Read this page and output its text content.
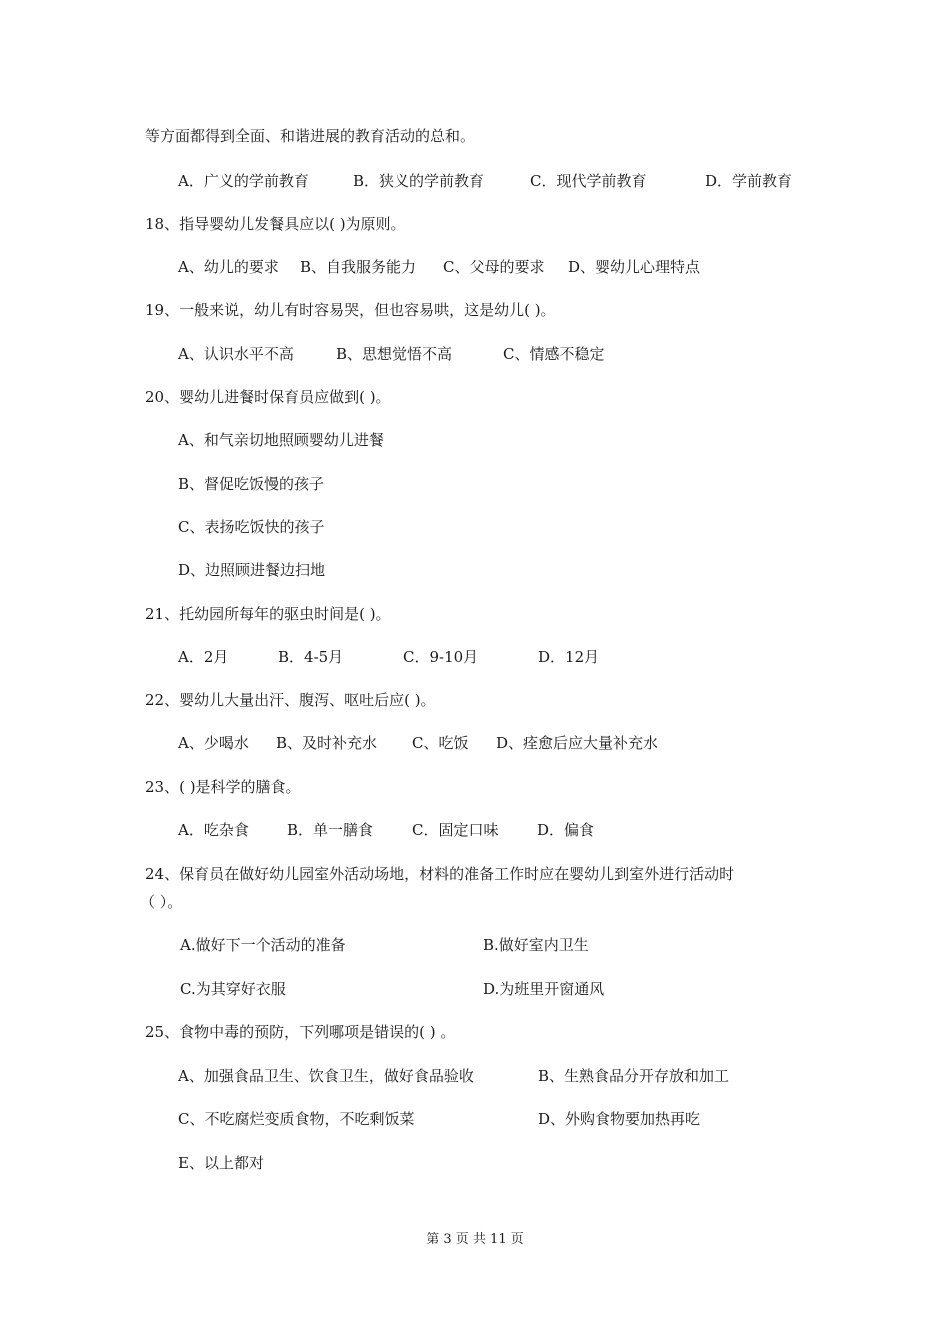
等方面都得到全面、和谐进展的教育活动的总和。
A．广义的学前教育	B．狭义的学前教育	C．现代学前教育	D．学前教育
18、指导婴幼儿发餐具应以( )为原则。
A、幼儿的要求 B、自我服务能力 C、父母的要求 D、婴幼儿心理特点
19、一般来说，幼儿有时容易哭，但也容易哄，这是幼儿( )。
A、认识水平不高	B、思想觉悟不高	C、情感不稳定
20、婴幼儿进餐时保育员应做到( )。
A、和气亲切地照顾婴幼儿进餐
B、督促吃饭慢的孩子
C、表扬吃饭快的孩子
D、边照顾进餐边扫地
21、托幼园所每年的驱虫时间是( )。
A．2月	B．4-5月	C．9-10月	D．12月
22、婴幼儿大量出汗、腹泻、呕吐后应( )。
A、少喝水 B、及时补充水 C、吃饭 D、痊愈后应大量补充水
23、( )是科学的膳食。
A．吃杂食	B．单一膳食	C．固定口味	D．偏食
24、保育员在做好幼儿园室外活动场地，材料的准备工作时应在婴幼儿到室外进行活动时
（ ）。
A.做好下一个活动的准备	B.做好室内卫生
C.为其穿好衣服	D.为班里开窗通风
25、食物中毒的预防，下列哪项是错误的( ) 。
A、加强食品卫生、饮食卫生，做好食品验收	B、生熟食品分开存放和加工
C、不吃腐烂变质食物，不吃剩饭菜	D、外购食物要加热再吃
E、以上都对
第 3 页 共 11 页
